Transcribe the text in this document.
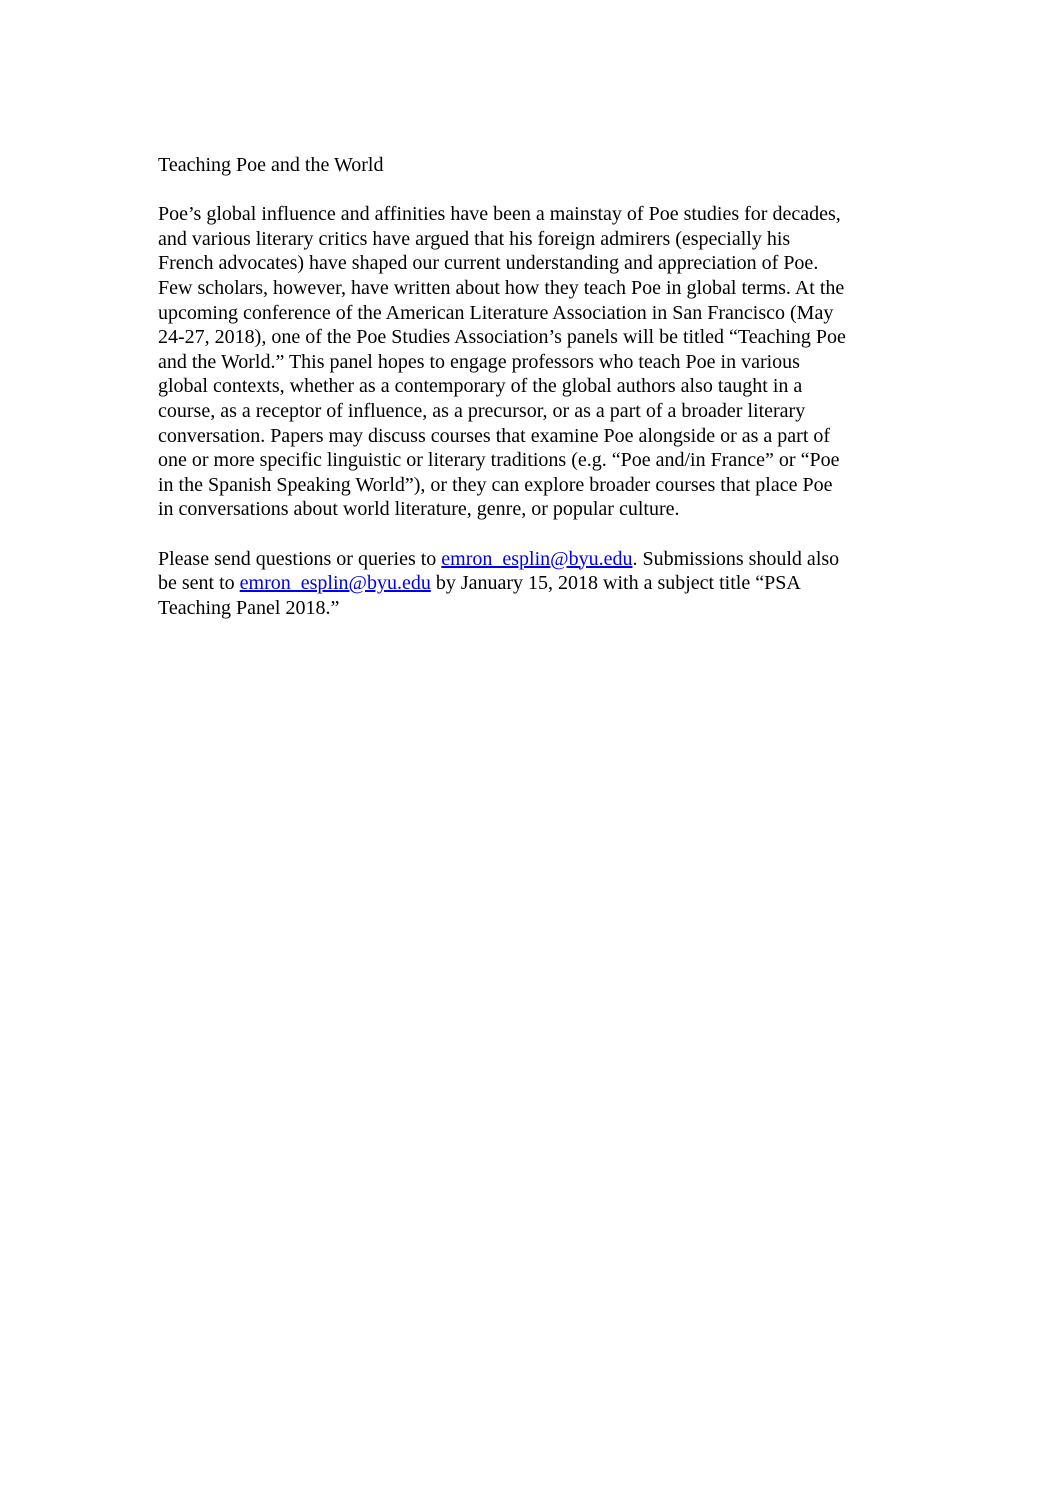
Teaching Poe and the World
Poe’s global influence and affinities have been a mainstay of Poe studies for decades,
and various literary critics have argued that his foreign admirers (especially his
French advocates) have shaped our current understanding and appreciation of Poe.
Few scholars, however, have written about how they teach Poe in global terms. At the
upcoming conference of the American Literature Association in San Francisco (May
24-27, 2018), one of the Poe Studies Association’s panels will be titled “Teaching Poe
and the World.” This panel hopes to engage professors who teach Poe in various
global contexts, whether as a contemporary of the global authors also taught in a
course, as a receptor of influence, as a precursor, or as a part of a broader literary
conversation. Papers may discuss courses that examine Poe alongside or as a part of
one or more specific linguistic or literary traditions (e.g. “Poe and/in France” or “Poe
in the Spanish Speaking World”), or they can explore broader courses that place Poe
in conversations about world literature, genre, or popular culture.
Please send questions or queries to emron_esplin@byu.edu. Submissions should also
be sent to emron_esplin@byu.edu by January 15, 2018 with a subject title “PSA
Teaching Panel 2018.”
